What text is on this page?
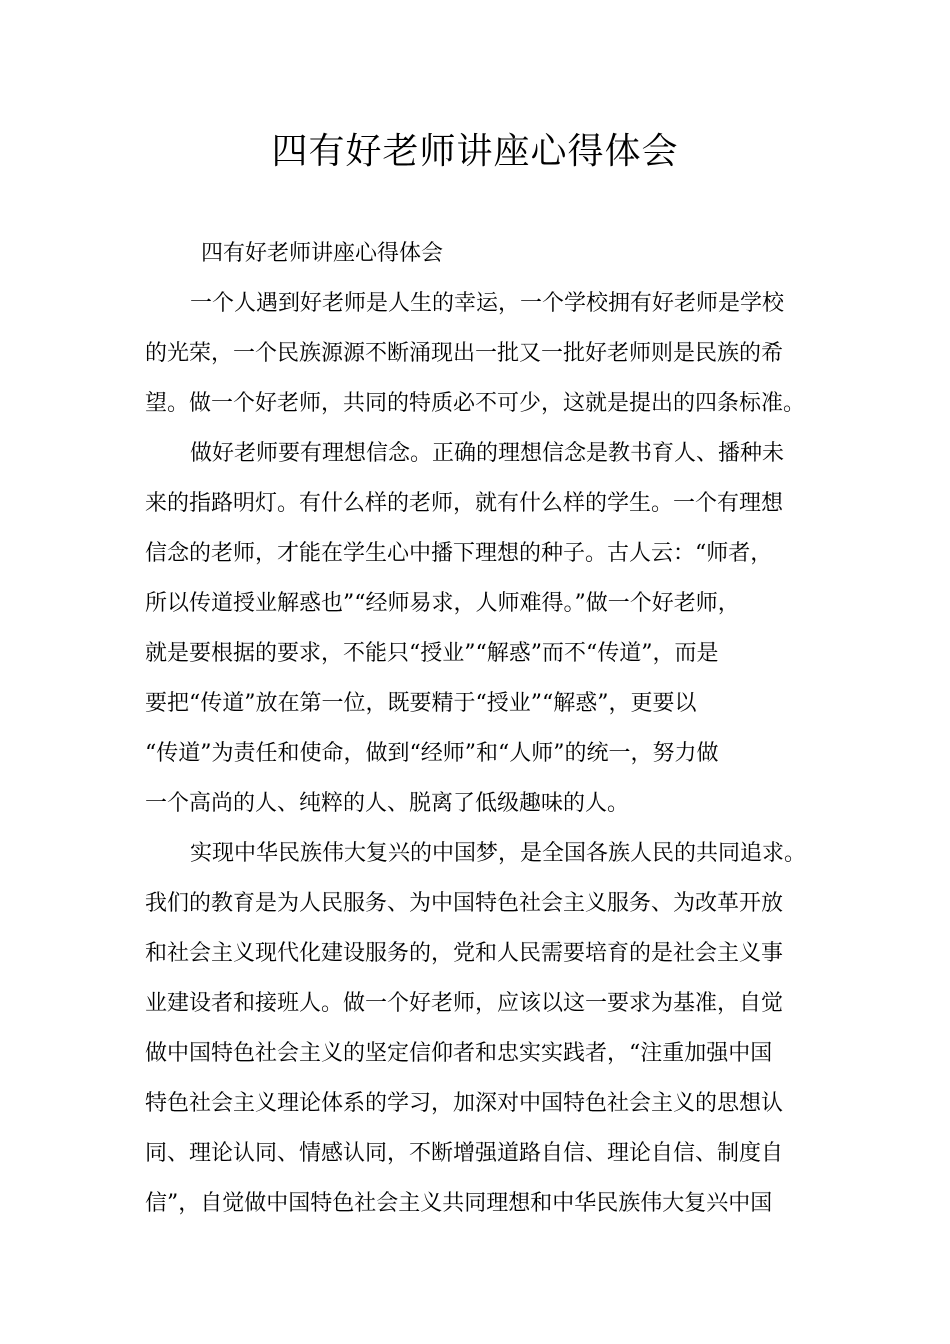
四有好老师讲座心得体会
四有好老师讲座心得体会
一个人遇到好老师是人生的幸运，一个学校拥有好老师是学校
的光荣，一个民族源源不断涌现出一批又一批好老师则是民族的希
望。做一个好老师，共同的特质必不可少，这就是提出的四条标准。
做好老师要有理想信念。正确的理想信念是教书育人、播种未
来的指路明灯。有什么样的老师，就有什么样的学生。一个有理想
信念的老师，才能在学生心中播下理想的种子。古人云：“师者，
所以传道授业解惑也”“经师易求，人师难得。”做一个好老师，
就是要根据的要求，不能只“授业”“解惑”而不“传道”，而是
要把“传道”放在第一位，既要精于“授业”“解惑”，更要以
“传道”为责任和使命，做到“经师”和“人师”的统一，努力做
一个高尚的人、纯粹的人、脱离了低级趣味的人。
实现中华民族伟大复兴的中国梦，是全国各族人民的共同追求。
我们的教育是为人民服务、为中国特色社会主义服务、为改革开放
和社会主义现代化建设服务的，党和人民需要培育的是社会主义事
业建设者和接班人。做一个好老师，应该以这一要求为基准，自觉
做中国特色社会主义的坚定信仰者和忠实实践者，“注重加强中国
特色社会主义理论体系的学习，加深对中国特色社会主义的思想认
同、理论认同、情感认同，不断增强道路自信、理论自信、制度自
信”，自觉做中国特色社会主义共同理想和中华民族伟大复兴中国
